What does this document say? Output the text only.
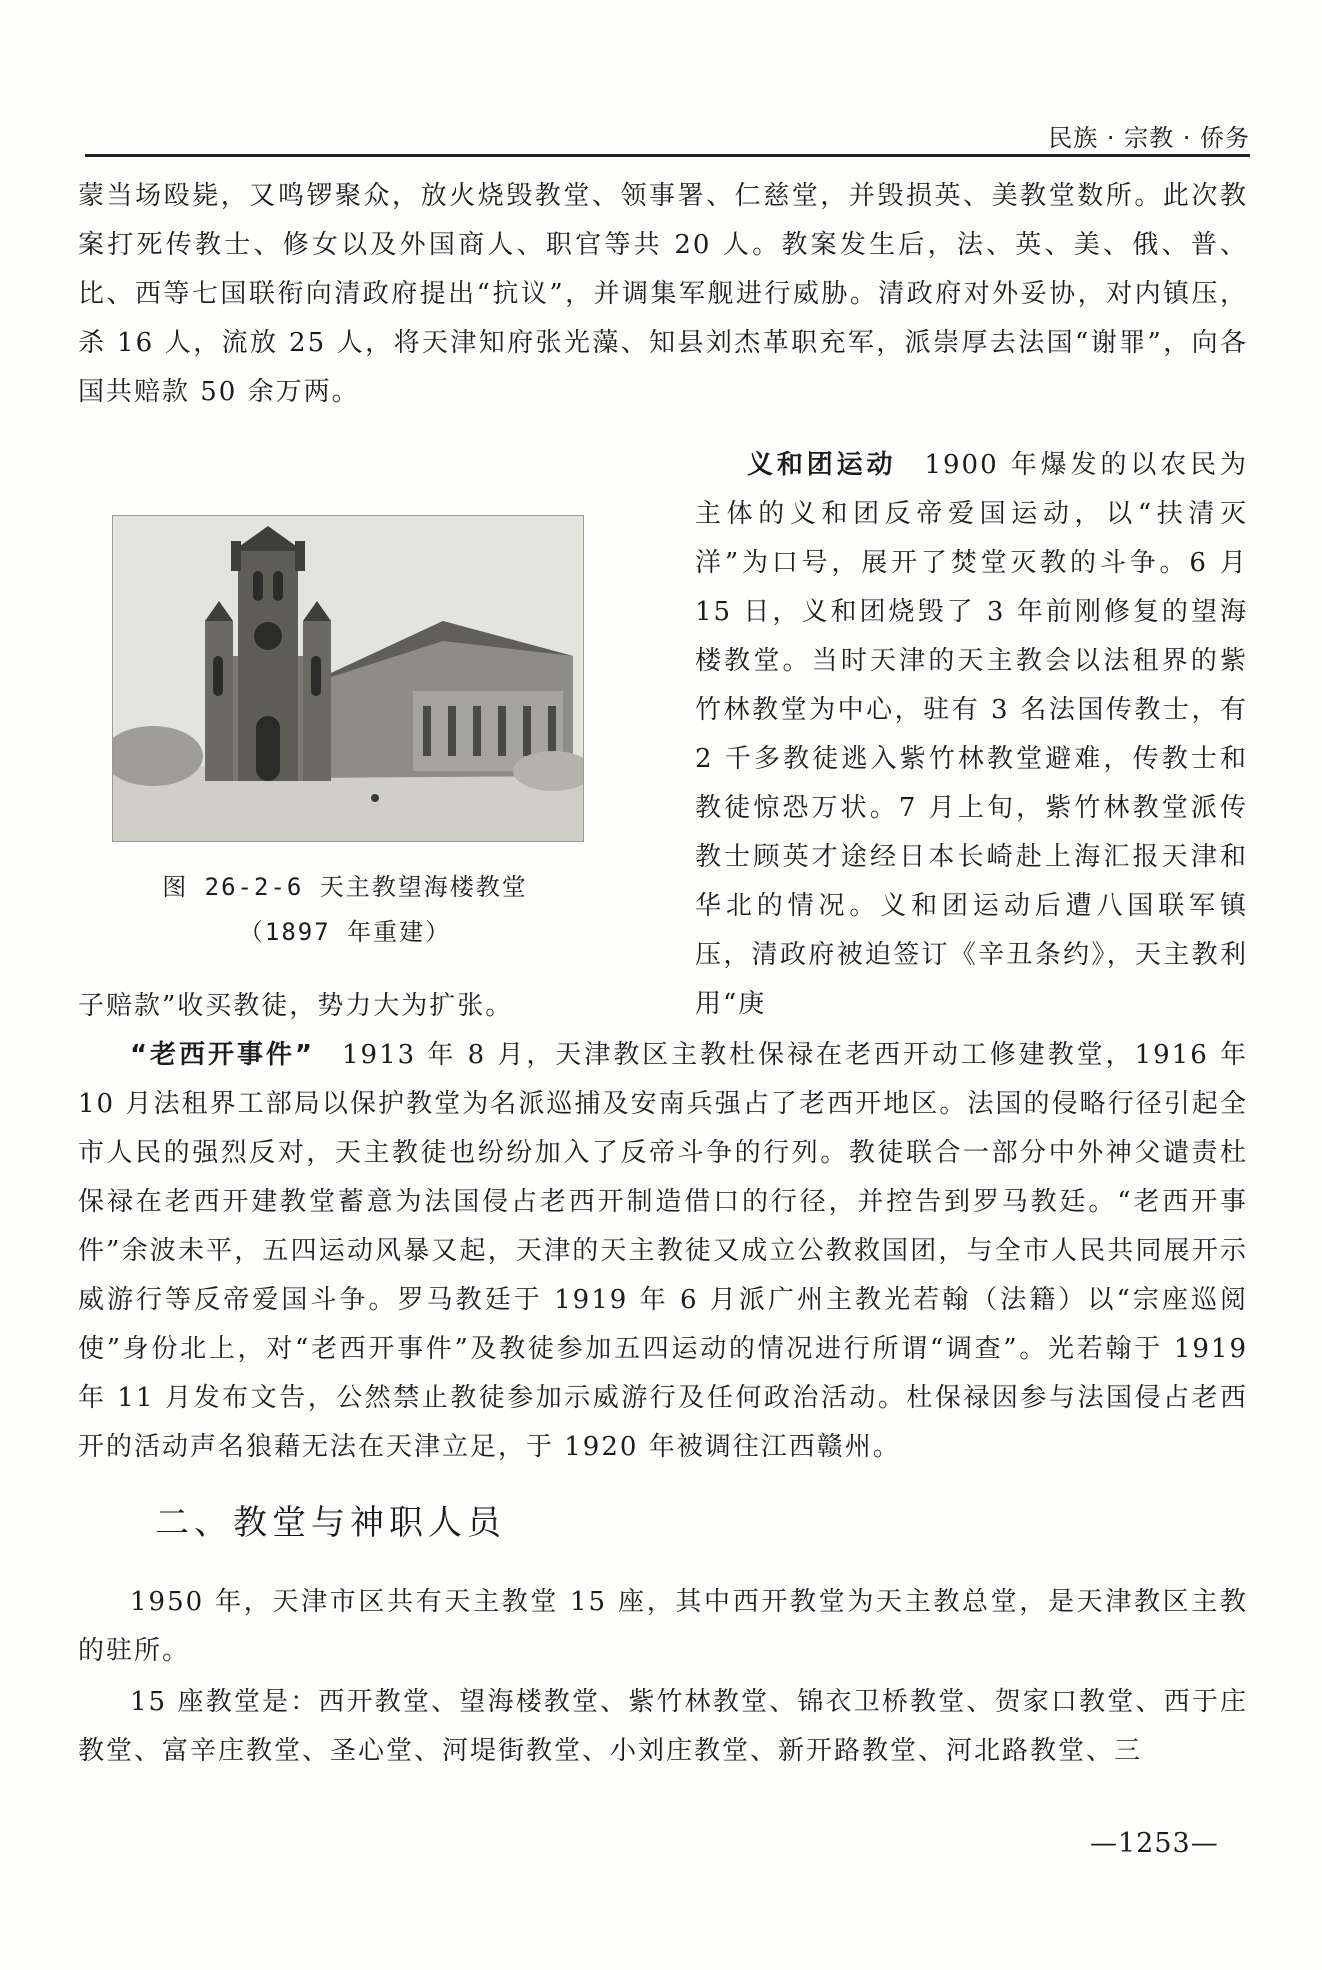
民族 · 宗教 · 侨务

蒙当场殴毙，又鸣锣聚众，放火烧毁教堂、领事署、仁慈堂，并毁损英、美教堂数所。此次教案打死传教士、修女以及外国商人、职官等共 20 人。教案发生后，法、英、美、俄、普、比、西等七国联衔向清政府提出“抗议”，并调集军舰进行威胁。清政府对外妥协，对内镇压，杀 16 人，流放 25 人，将天津知府张光藻、知县刘杰革职充军，派崇厚去法国“谢罪”，向各国共赔款 50 余万两。

图 26-2-6 天主教望海楼教堂
（1897 年重建）

义和团运动  1900 年爆发的以农民为主体的义和团反帝爱国运动，以“扶清灭洋”为口号，展开了焚堂灭教的斗争。6 月 15 日，义和团烧毁了 3 年前刚修复的望海楼教堂。当时天津的天主教会以法租界的紫竹林教堂为中心，驻有 3 名法国传教士，有 2 千多教徒逃入紫竹林教堂避难，传教士和教徒惊恐万状。7 月上旬，紫竹林教堂派传教士顾英才途经日本长崎赴上海汇报天津和华北的情况。义和团运动后遭八国联军镇压，清政府被迫签订《辛丑条约》，天主教利用“庚

子赔款”收买教徒，势力大为扩张。

“老西开事件”  1913 年 8 月，天津教区主教杜保禄在老西开动工修建教堂，1916 年 10 月法租界工部局以保护教堂为名派巡捕及安南兵强占了老西开地区。法国的侵略行径引起全市人民的强烈反对，天主教徒也纷纷加入了反帝斗争的行列。教徒联合一部分中外神父谴责杜保禄在老西开建教堂蓄意为法国侵占老西开制造借口的行径，并控告到罗马教廷。“老西开事件”余波未平，五四运动风暴又起，天津的天主教徒又成立公教救国团，与全市人民共同展开示威游行等反帝爱国斗争。罗马教廷于 1919 年 6 月派广州主教光若翰（法籍）以“宗座巡阅使”身份北上，对“老西开事件”及教徒参加五四运动的情况进行所谓“调查”。光若翰于 1919 年 11 月发布文告，公然禁止教徒参加示威游行及任何政治活动。杜保禄因参与法国侵占老西开的活动声名狼藉无法在天津立足，于 1920 年被调往江西赣州。

二、教堂与神职人员

1950 年，天津市区共有天主教堂 15 座，其中西开教堂为天主教总堂，是天津教区主教的驻所。

15 座教堂是：西开教堂、望海楼教堂、紫竹林教堂、锦衣卫桥教堂、贺家口教堂、西于庄教堂、富辛庄教堂、圣心堂、河堤街教堂、小刘庄教堂、新开路教堂、河北路教堂、三

—1253—
